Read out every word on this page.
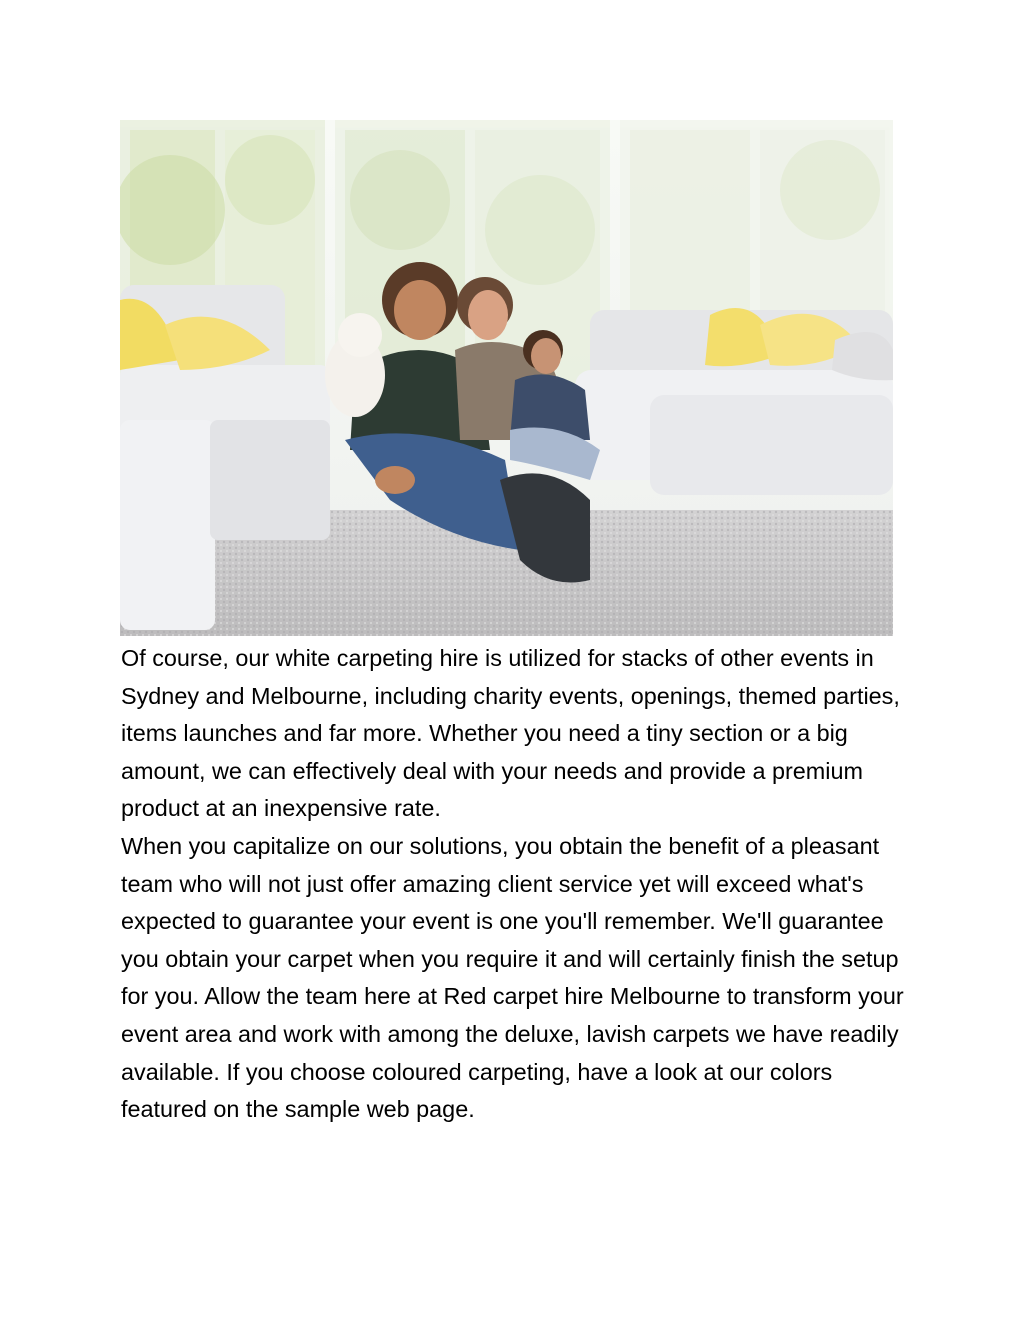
Of course, our white carpeting hire is utilized for stacks of other events in Sydney and Melbourne, including charity events, openings, themed parties, items launches and far more. Whether you need a tiny section or a big amount, we can effectively deal with your needs and provide a premium product at an inexpensive rate.

When you capitalize on our solutions, you obtain the benefit of a pleasant team who will not just offer amazing client service yet will exceed what's expected to guarantee your event is one you'll remember. We'll guarantee you obtain your carpet when you require it and will certainly finish the setup for you. Allow the team here at Red carpet hire Melbourne to transform your event area and work with among the deluxe, lavish carpets we have readily available. If you choose coloured carpeting, have a look at our colors featured on the sample web page.
